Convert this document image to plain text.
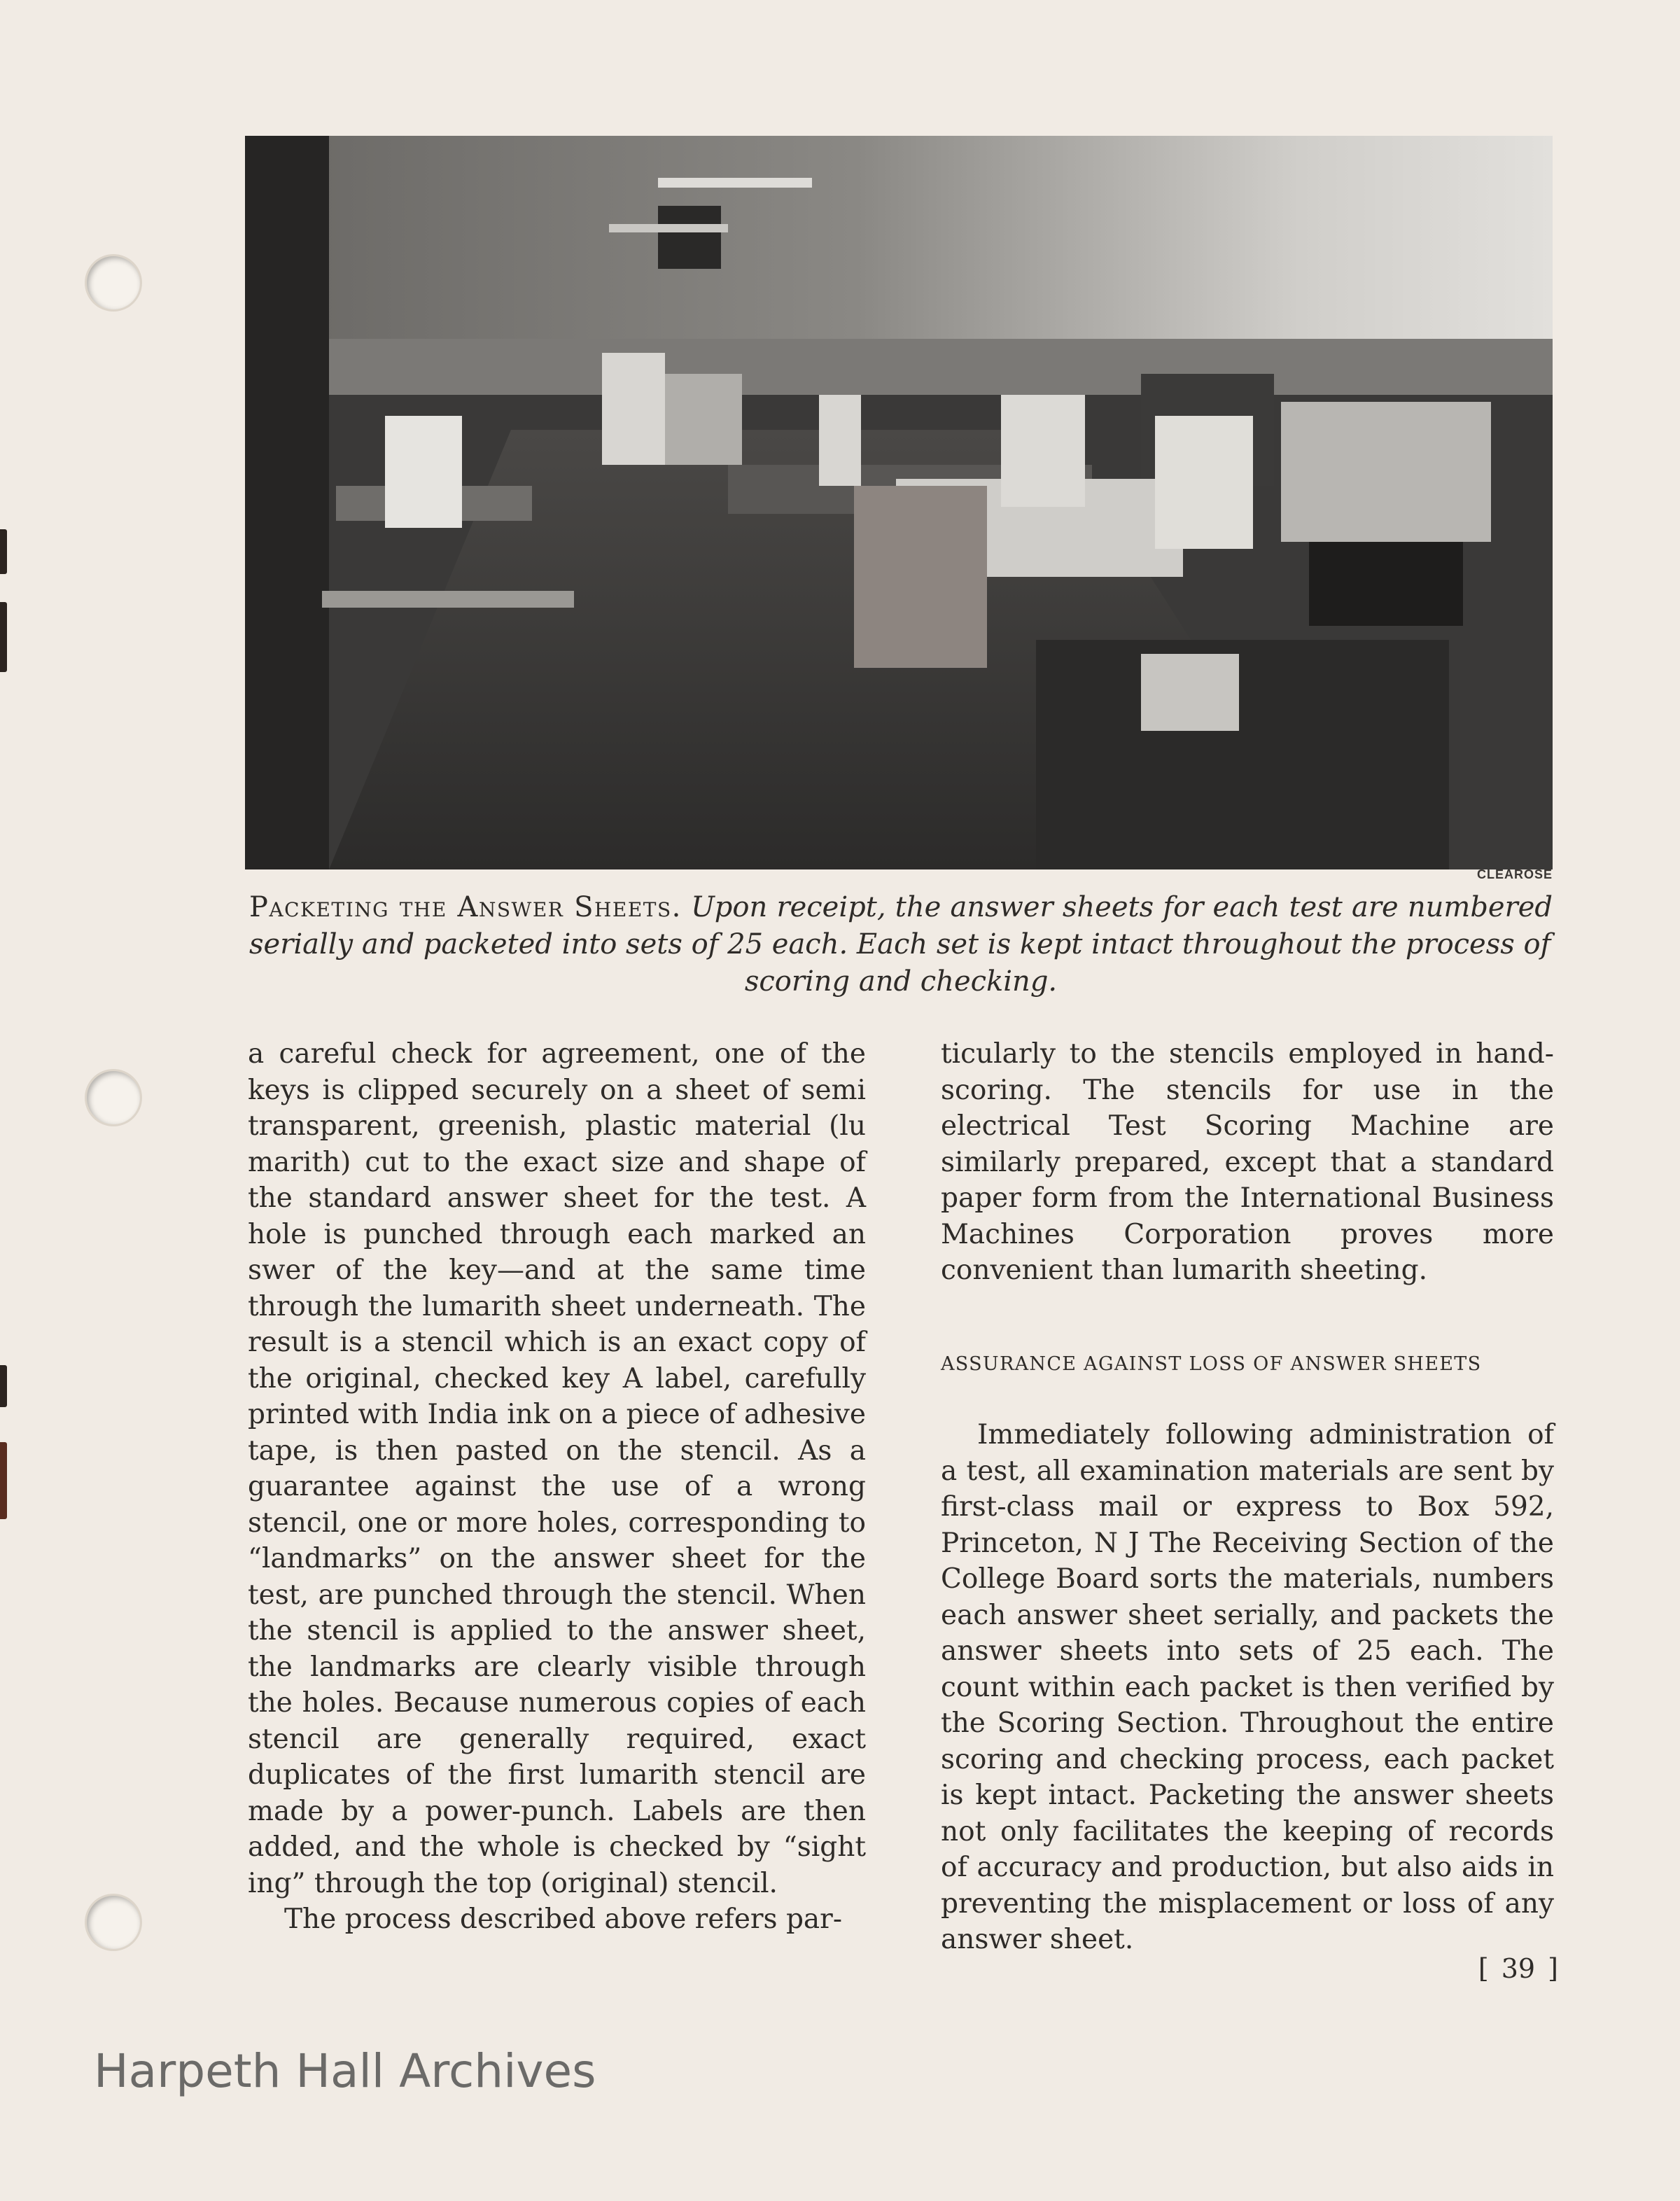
CLEAROSE
Packeting the Answer Sheets. Upon receipt, the answer sheets for each test are numbered serially and packeted into sets of 25 each. Each set is kept intact throughout the process of
scoring and checking.

a careful check for agreement, one of the keys is clipped securely on a sheet of semi transparent, greenish, plastic material (lu marith) cut to the exact size and shape of the standard answer sheet for the test. A hole is punched through each marked an swer of the key—and at the same time through the lumarith sheet underneath. The result is a stencil which is an exact copy of the original, checked key A label, carefully printed with India ink on a piece of adhesive tape, is then pasted on the stencil. As a guarantee against the use of a wrong stencil, one or more holes, corresponding to “landmarks” on the answer sheet for the test, are punched through the stencil. When the stencil is applied to the answer sheet, the landmarks are clearly visible through the holes. Because numerous copies of each stencil are generally required, exact duplicates of the first lumarith stencil are made by a power-punch. Labels are then added, and the whole is checked by “sight ing” through the top (original) stencil.

The process described above refers par-

ticularly to the stencils employed in hand-scoring. The stencils for use in the electrical Test Scoring Machine are similarly prepared, except that a standard paper form from the International Business Machines Corporation proves more convenient than lumarith sheeting.

ASSURANCE AGAINST LOSS OF ANSWER SHEETS

Immediately following administration of a test, all examination materials are sent by first-class mail or express to Box 592, Princeton, N J The Receiving Section of the College Board sorts the materials, numbers each answer sheet serially, and packets the answer sheets into sets of 25 each. The count within each packet is then verified by the Scoring Section. Throughout the entire scoring and checking process, each packet is kept intact. Packeting the answer sheets not only facilitates the keeping of records of accuracy and production, but also aids in preventing the misplacement or loss of any answer sheet.

[ 39 ]
Harpeth Hall Archives
